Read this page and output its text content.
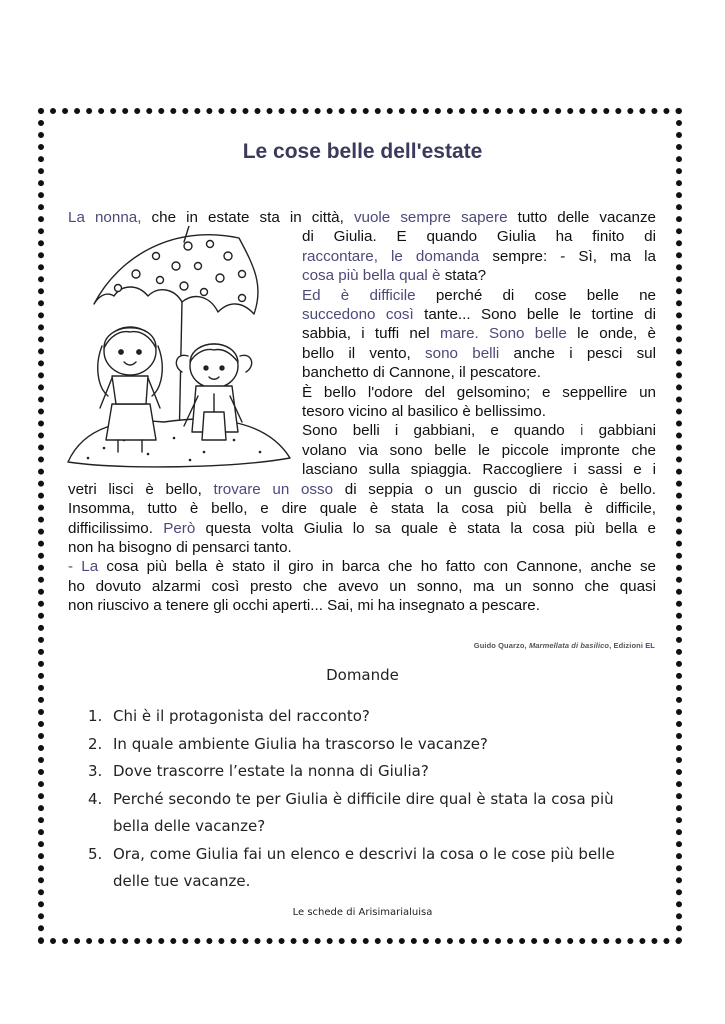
Le cose belle dell'estate
La nonna, che in estate sta in città, vuole sempre sapere tutto delle vacanze
di Giulia. E quando Giulia ha finito di
raccontare, le domanda sempre: - Sì, ma la
cosa più bella qual è stata?
Ed è difficile perché di cose belle ne
succedono così tante... Sono belle le tortine di
sabbia, i tuffi nel mare. Sono belle le onde, è
bello il vento, sono belli anche i pesci sul
banchetto di Cannone, il pescatore.
È bello l'odore del gelsomino; e seppellire un
tesoro vicino al basilico è bellissimo.
Sono belli i gabbiani, e quando i gabbiani
volano via sono belle le piccole impronte che
lasciano sulla spiaggia. Raccogliere i sassi e i
vetri lisci è bello, trovare un osso di seppia o un guscio di riccio è bello.
Insomma, tutto è bello, e dire quale è stata la cosa più bella è difficile,
difficilissimo. Però questa volta Giulia lo sa quale è stata la cosa più bella e
non ha bisogno di pensarci tanto.
- La cosa più bella è stato il giro in barca che ho fatto con Cannone, anche se
ho dovuto alzarmi così presto che avevo un sonno, ma un sonno che quasi
non riuscivo a tenere gli occhi aperti... Sai, mi ha insegnato a pescare.
Guido Quarzo, Marmellata di basilico, Edizioni EL
Domande
1. Chi è il protagonista del racconto?
2. In quale ambiente Giulia ha trascorso le vacanze?
3. Dove trascorre l’estate la nonna di Giulia?
4. Perché secondo te per Giulia è difficile dire qual è stata la cosa più bella delle vacanze?
5. Ora, come Giulia fai un elenco e descrivi la cosa o le cose più belle delle tue vacanze.
Le schede di Arisimarialuisa
